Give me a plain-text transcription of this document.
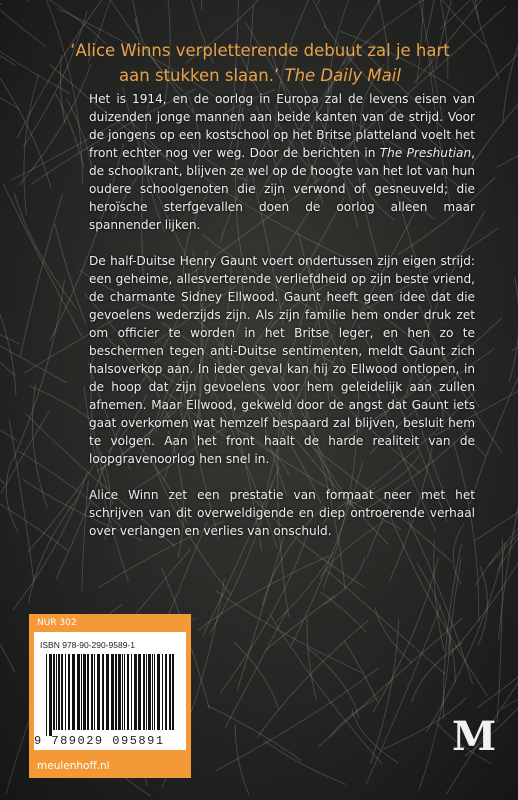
‘Alice Winns verpletterende debuut zal je hart aan stukken slaan.’ The Daily Mail

Het is 1914, en de oorlog in Europa zal de levens eisen van duizenden jonge mannen aan beide kanten van de strijd. Voor de jongens op een kostschool op het Britse platteland voelt het front echter nog ver weg. Door de berichten in The Preshutian, de schoolkrant, blijven ze wel op de hoogte van het lot van hun oudere schoolgenoten die zijn verwond of gesneuveld; die heroïsche sterfgevallen doen de oorlog alleen maar spannender lijken.

De half-Duitse Henry Gaunt voert ondertussen zijn eigen strijd: een geheime, allesverterende verliefdheid op zijn beste vriend, de charmante Sidney Ellwood. Gaunt heeft geen idee dat die gevoelens wederzijds zijn. Als zijn familie hem onder druk zet om officier te worden in het Britse leger, en hen zo te beschermen tegen anti-Duitse sentimenten, meldt Gaunt zich halsoverkop aan. In ieder geval kan hij zo Ellwood ontlopen, in de hoop dat zijn gevoelens voor hem geleidelijk aan zullen afnemen. Maar Ellwood, gekweld door de angst dat Gaunt iets gaat overkomen wat hemzelf bespaard zal blijven, besluit hem te volgen. Aan het front haalt de harde realiteit van de loopgravenoorlog hen snel in.

Alice Winn zet een prestatie van formaat neer met het schrijven van dit overweldigende en diep ontroerende verhaal over verlangen en verlies van onschuld.

NUR 302
ISBN 978-90-290-9589-1
9 789029 095891
meulenhoff.nl
M
